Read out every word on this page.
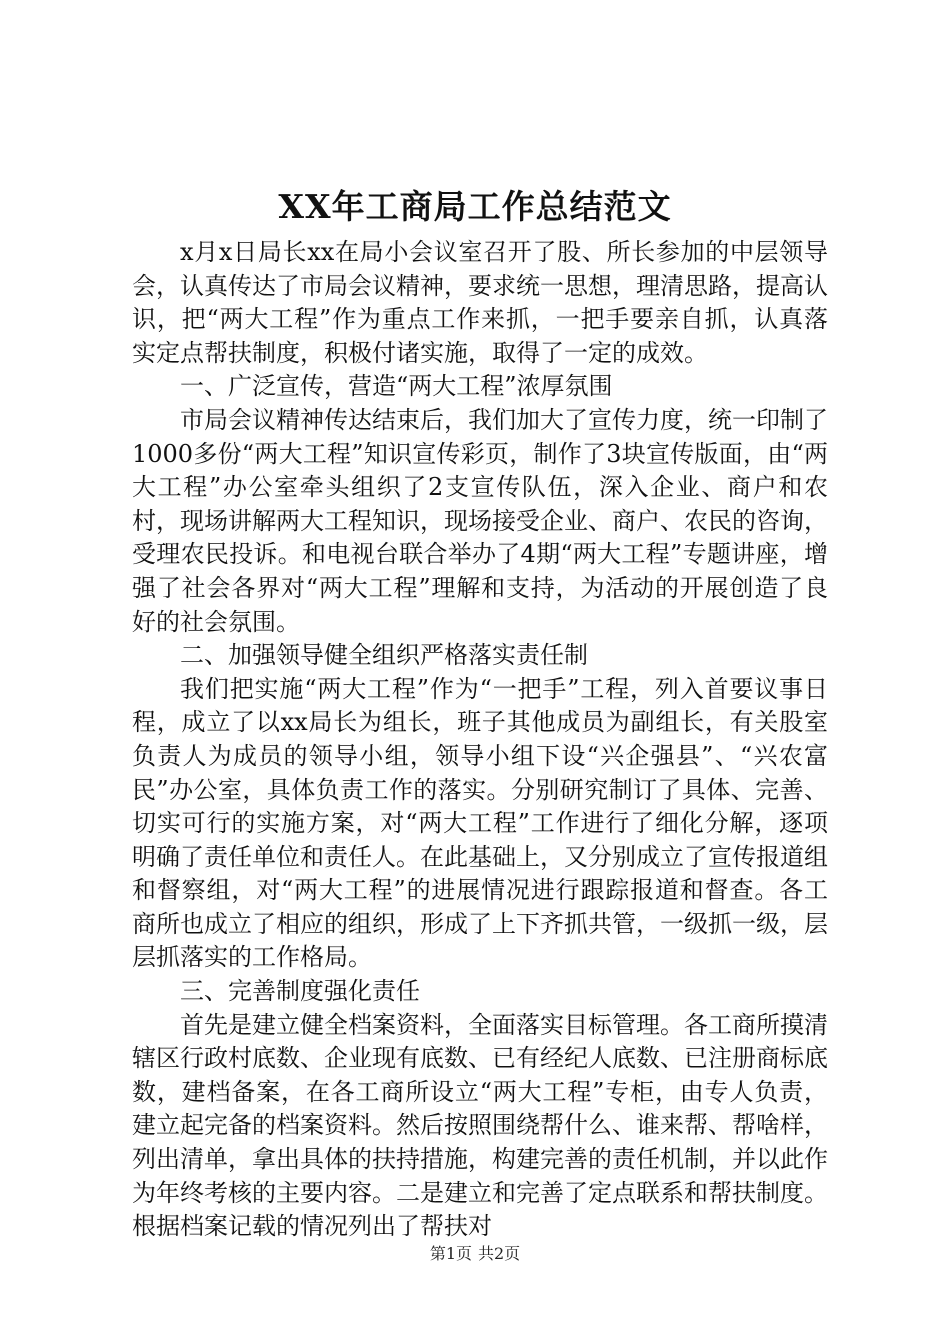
XX年工商局工作总结范文

x月x日局长xx在局小会议室召开了股、所长参加的中层领导会，认真传达了市局会议精神，要求统一思想，理清思路，提高认识，把“两大工程”作为重点工作来抓，一把手要亲自抓，认真落实定点帮扶制度，积极付诸实施，取得了一定的成效。

一、广泛宣传，营造“两大工程”浓厚氛围

市局会议精神传达结束后，我们加大了宣传力度，统一印制了1000多份“两大工程”知识宣传彩页，制作了3块宣传版面，由“两大工程”办公室牵头组织了2支宣传队伍，深入企业、商户和农村，现场讲解两大工程知识，现场接受企业、商户、农民的咨询，受理农民投诉。和电视台联合举办了4期“两大工程”专题讲座，增强了社会各界对“两大工程”理解和支持，为活动的开展创造了良好的社会氛围。

二、加强领导健全组织严格落实责任制

我们把实施“两大工程”作为“一把手”工程，列入首要议事日程，成立了以xx局长为组长，班子其他成员为副组长，有关股室负责人为成员的领导小组，领导小组下设“兴企强县”、“兴农富民”办公室，具体负责工作的落实。分别研究制订了具体、完善、切实可行的实施方案，对“两大工程”工作进行了细化分解，逐项明确了责任单位和责任人。在此基础上，又分别成立了宣传报道组和督察组，对“两大工程”的进展情况进行跟踪报道和督查。各工商所也成立了相应的组织，形成了上下齐抓共管，一级抓一级，层层抓落实的工作格局。

三、完善制度强化责任

首先是建立健全档案资料，全面落实目标管理。各工商所摸清辖区行政村底数、企业现有底数、已有经纪人底数、已注册商标底数，建档备案，在各工商所设立“两大工程”专柜，由专人负责，建立起完备的档案资料。然后按照围绕帮什么、谁来帮、帮啥样，列出清单，拿出具体的扶持措施，构建完善的责任机制，并以此作为年终考核的主要内容。二是建立和完善了定点联系和帮扶制度。根据档案记载的情况列出了帮扶对

第1页 共2页
